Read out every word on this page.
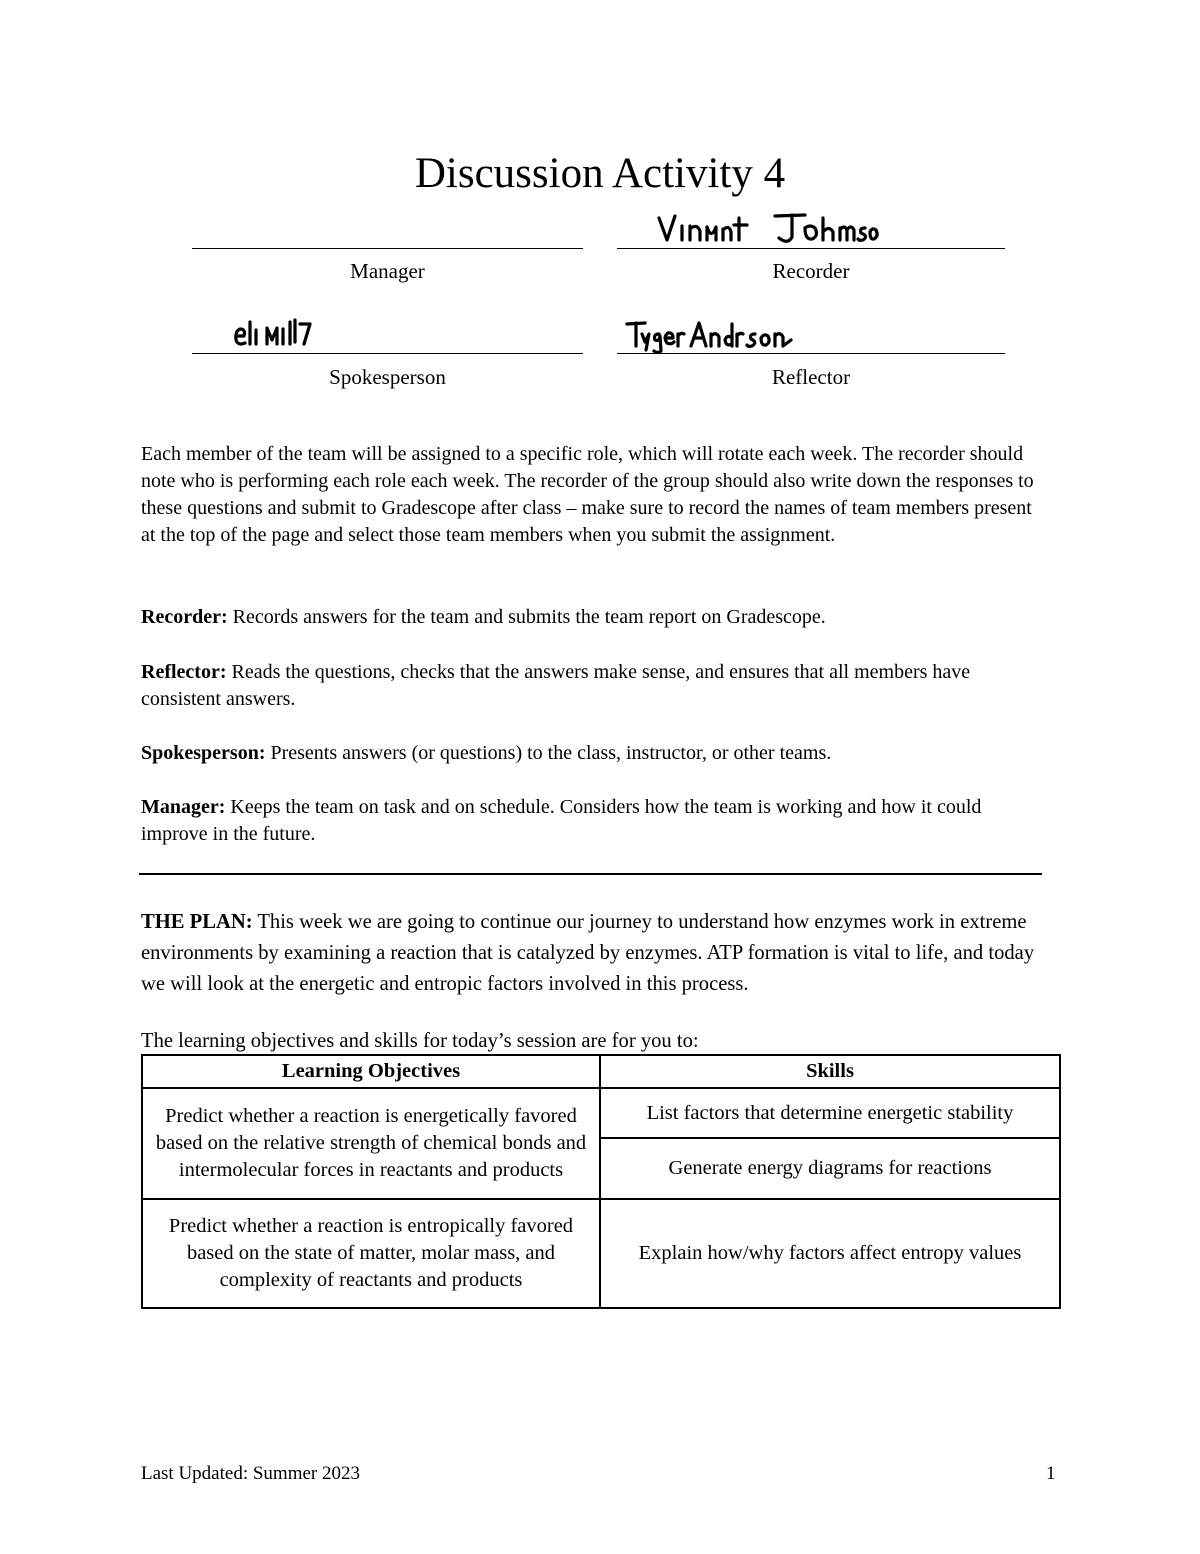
Discussion Activity 4
Manager	Recorder
Spokesperson	Reflector
Each member of the team will be assigned to a specific role, which will rotate each week. The recorder should note who is performing each role each week. The recorder of the group should also write down the responses to these questions and submit to Gradescope after class – make sure to record the names of team members present at the top of the page and select those team members when you submit the assignment.
Recorder: Records answers for the team and submits the team report on Gradescope.
Reflector: Reads the questions, checks that the answers make sense, and ensures that all members have consistent answers.
Spokesperson: Presents answers (or questions) to the class, instructor, or other teams.
Manager: Keeps the team on task and on schedule. Considers how the team is working and how it could improve in the future.
THE PLAN: This week we are going to continue our journey to understand how enzymes work in extreme environments by examining a reaction that is catalyzed by enzymes. ATP formation is vital to life, and today we will look at the energetic and entropic factors involved in this process.
The learning objectives and skills for today’s session are for you to:
Learning Objectives	Skills
Predict whether a reaction is energetically favored based on the relative strength of chemical bonds and intermolecular forces in reactants and products	List factors that determine energetic stability
	Generate energy diagrams for reactions
Predict whether a reaction is entropically favored based on the state of matter, molar mass, and complexity of reactants and products	Explain how/why factors affect entropy values
Last Updated: Summer 2023	1
